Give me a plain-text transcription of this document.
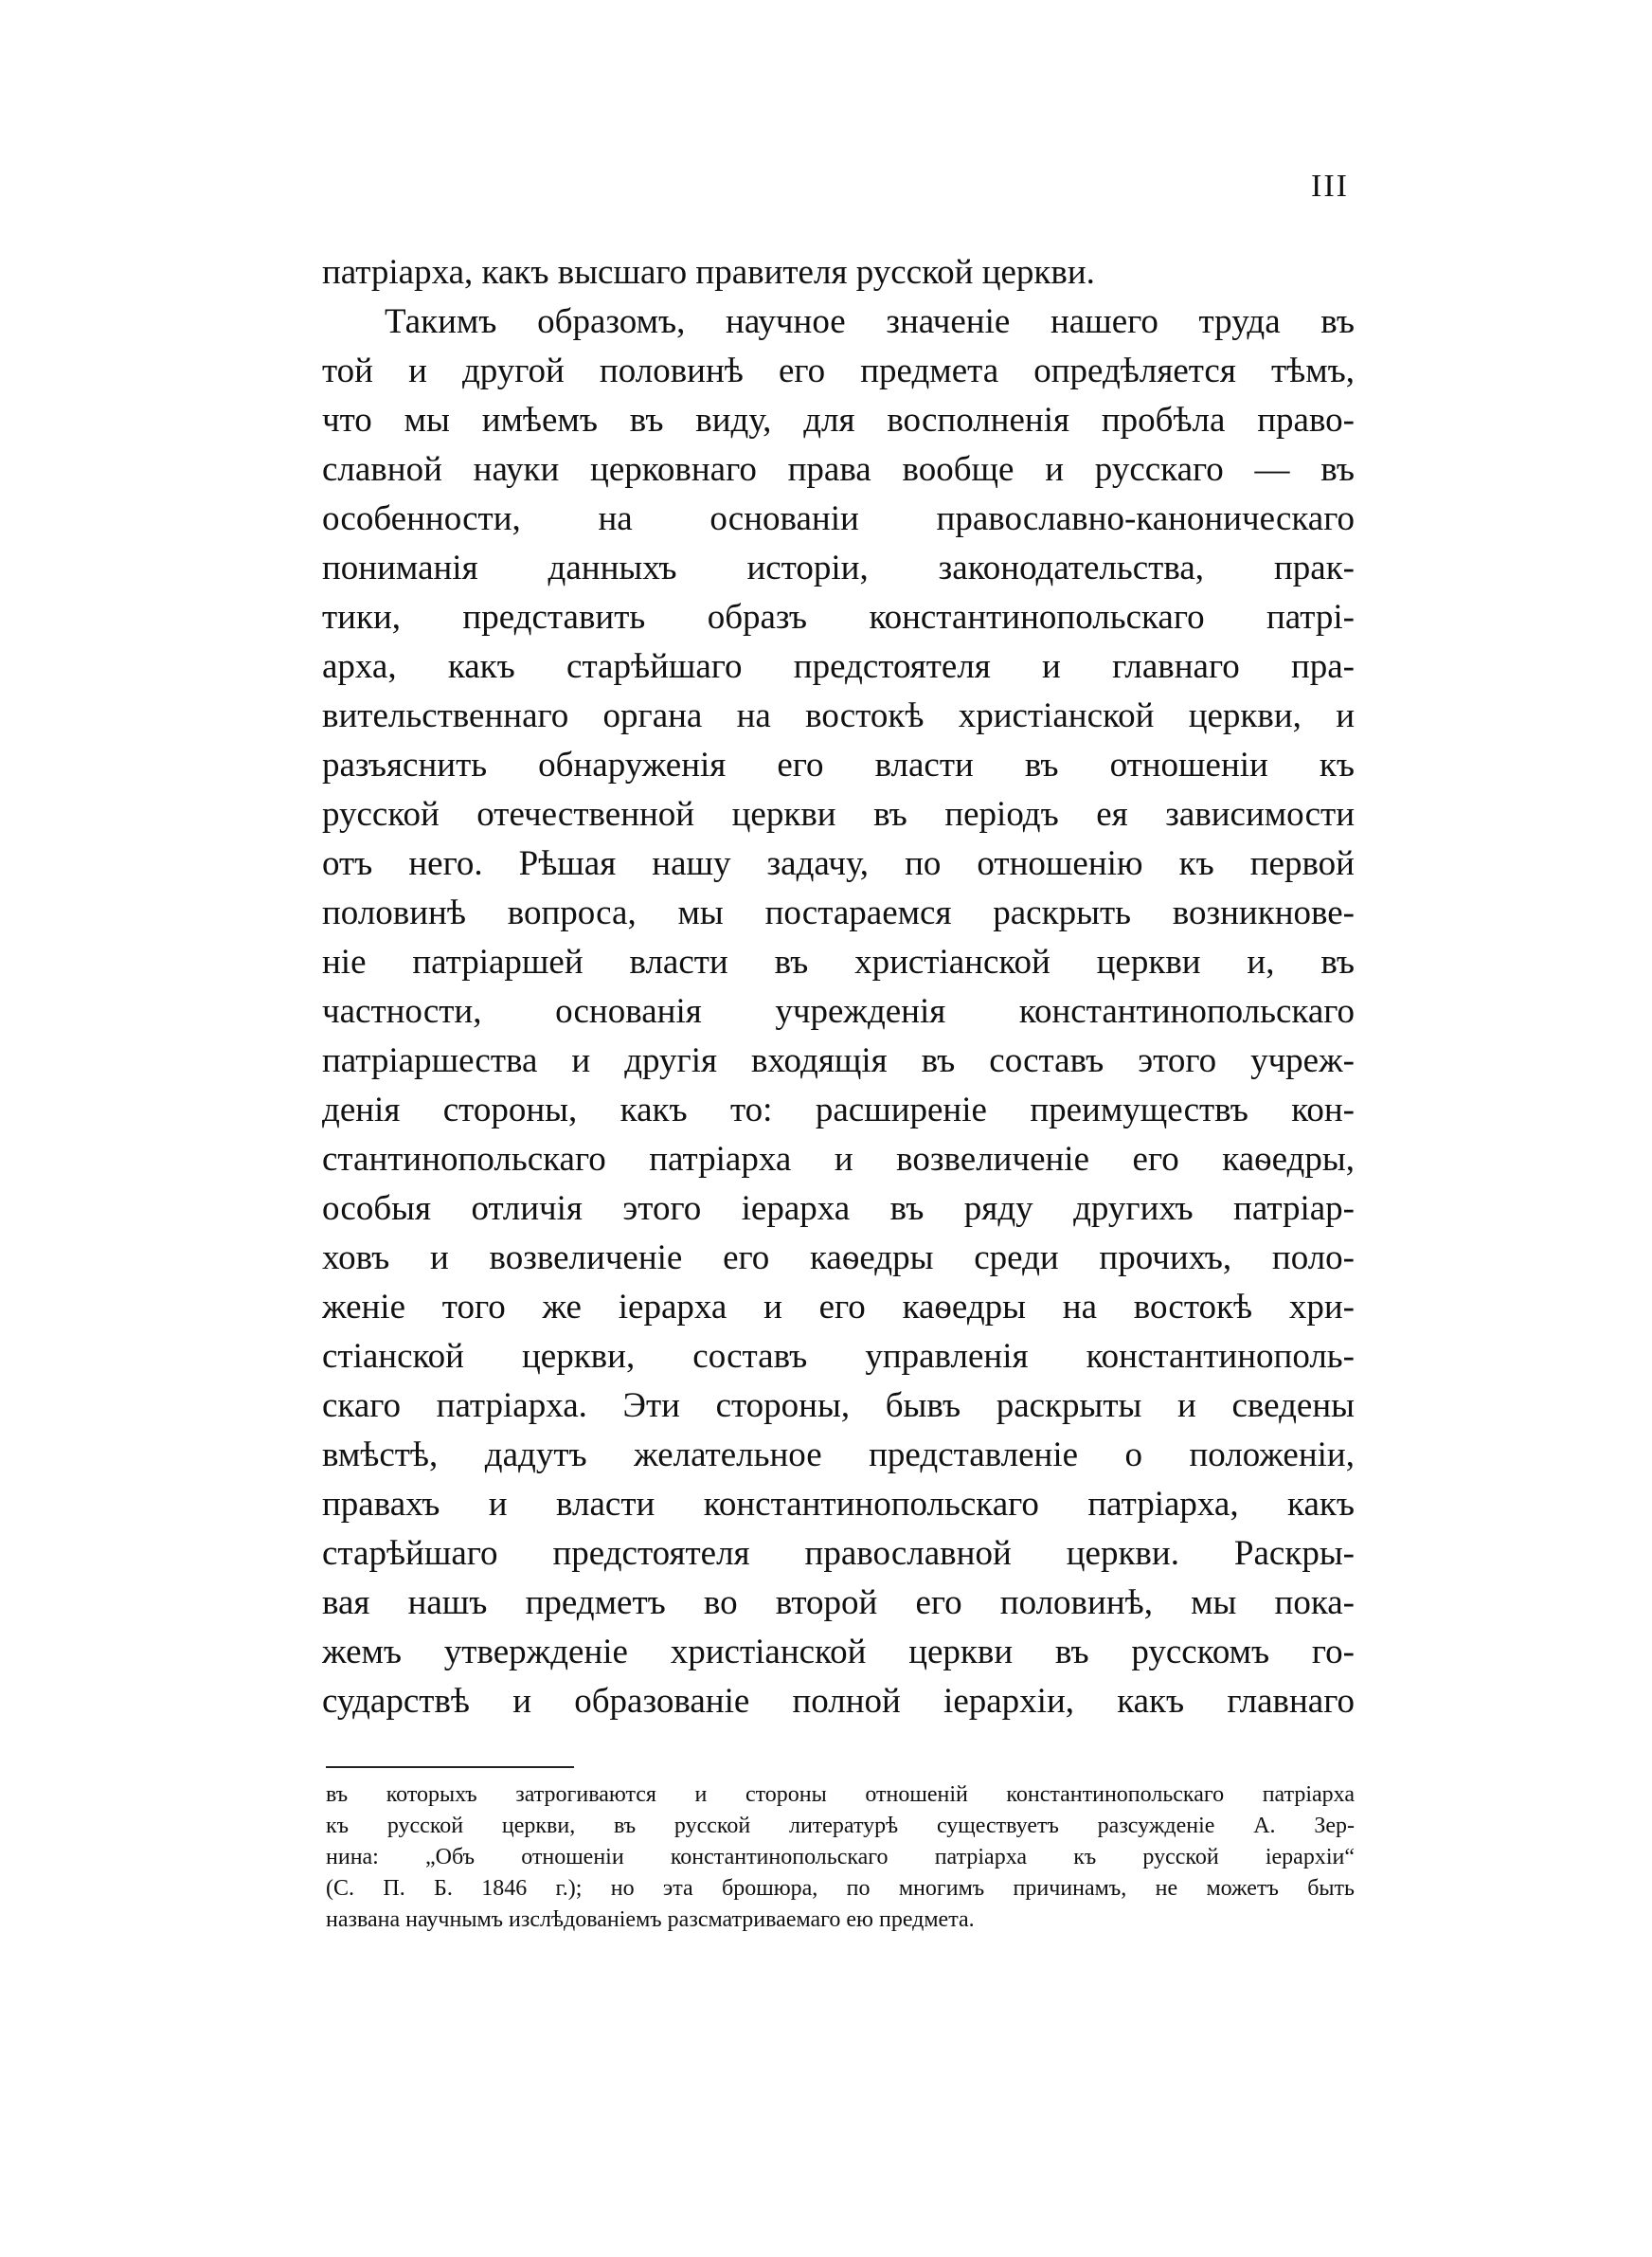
III
патріарха, какъ высшаго правителя русской церкви.
Такимъ образомъ, научное значеніе нашего труда въ
той и другой половинѣ его предмета опредѣляется тѣмъ,
что мы имѣемъ въ виду, для восполненія пробѣла право-
славной науки церковнаго права вообще и русскаго — въ
особенности, на основаніи православно-каноническаго
пониманія данныхъ исторіи, законодательства, прак-
тики, представить образъ константинопольскаго патрі-
арха, какъ старѣйшаго предстоятеля и главнаго пра-
вительственнаго органа на востокѣ христіанской церкви, и
разъяснить обнаруженія его власти въ отношеніи къ
русской отечественной церкви въ періодъ ея зависимости
отъ него. Рѣшая нашу задачу, по отношенію къ первой
половинѣ вопроса, мы постараемся раскрыть возникнове-
ніе патріаршей власти въ христіанской церкви и, въ
частности, основанія учрежденія константинопольскаго
патріаршества и другія входящія въ составъ этого учреж-
денія стороны, какъ то: расширеніе преимуществъ кон-
стантинопольскаго патріарха и возвеличеніе его каѳедры,
особыя отличія этого іерарха въ ряду другихъ патріар-
ховъ и возвеличеніе его каѳедры среди прочихъ, поло-
женіе того же іерарха и его каѳедры на востокѣ хри-
стіанской церкви, составъ управленія константинополь-
скаго патріарха. Эти стороны, бывъ раскрыты и сведены
вмѣстѣ, дадутъ желательное представленіе о положеніи,
правахъ и власти константинопольскаго патріарха, какъ
старѣйшаго предстоятеля православной церкви. Раскры-
вая нашъ предметъ во второй его половинѣ, мы пока-
жемъ утвержденіе христіанской церкви въ русскомъ го-
сударствѣ и образованіе полной іерархіи, какъ главнаго
въ которыхъ затрогиваются и стороны отношеній константинопольскаго патріарха
къ русской церкви, въ русской литературѣ существуетъ разсужденіе А. Зер-
нина: „Объ отношеніи константинопольскаго патріарха къ русской іерархіи“
(С. П. Б. 1846 г.); но эта брошюра, по многимъ причинамъ, не можетъ быть
названа научнымъ изслѣдованіемъ разсматриваемаго ею предмета.
